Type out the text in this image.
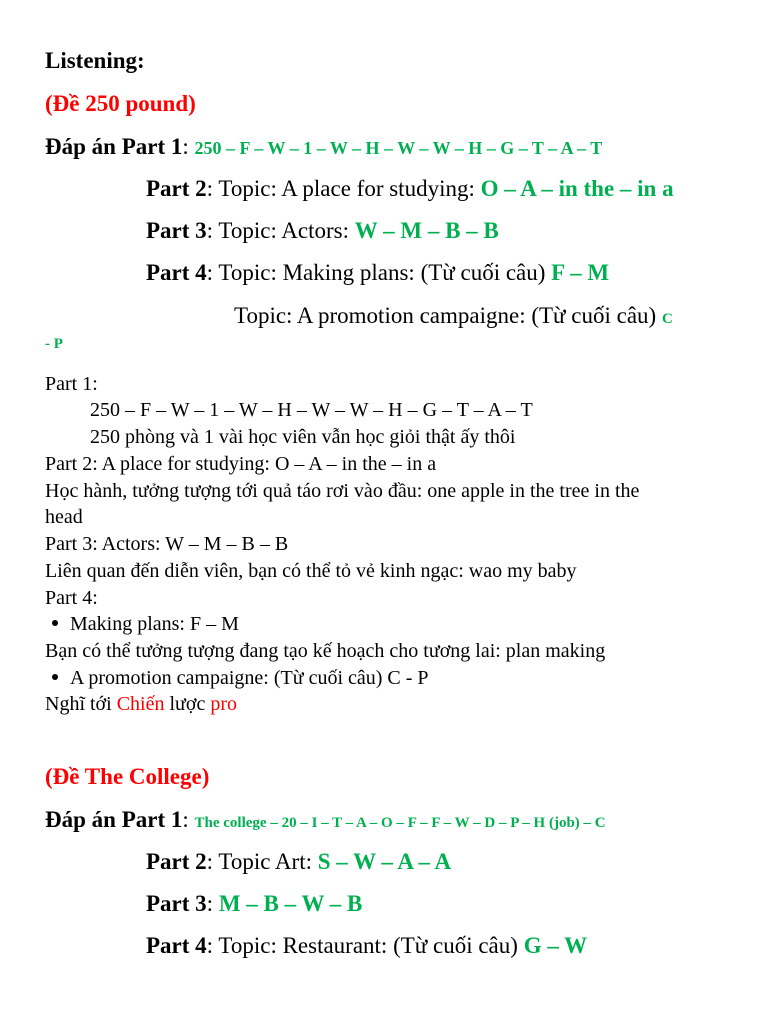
Listening:
(Đề 250 pound)
Đáp án Part 1: 250 – F – W – 1 – W – H – W – W – H – G – T – A – T
Part 2: Topic: A place for studying: O – A – in the – in a
Part 3: Topic: Actors: W – M – B – B
Part 4: Topic: Making plans: (Từ cuối câu) F – M
Topic: A promotion campaigne: (Từ cuối câu) C
- P
Part 1:
250 – F – W – 1 – W – H – W – W – H – G – T – A – T
250 phòng và 1 vài học viên vẫn học giỏi thật ấy thôi
Part 2: A place for studying: O – A – in the – in a
Học hành, tưởng tượng tới quả táo rơi vào đầu: one apple in the tree in the
head
Part 3: Actors: W – M – B – B
Liên quan đến diễn viên, bạn có thể tỏ vẻ kinh ngạc: wao my baby
Part 4:
Making plans: F – M
Bạn có thể tưởng tượng đang tạo kế hoạch cho tương lai: plan making
A promotion campaigne: (Từ cuối câu) C - P
Nghĩ tới Chiến lược pro
(Đề The College)
Đáp án Part 1: The college – 20 – I – T – A – O – F – F – W – D – P – H (job) – C
Part 2: Topic Art: S – W – A – A
Part 3: M – B – W – B
Part 4: Topic: Restaurant: (Từ cuối câu) G – W
